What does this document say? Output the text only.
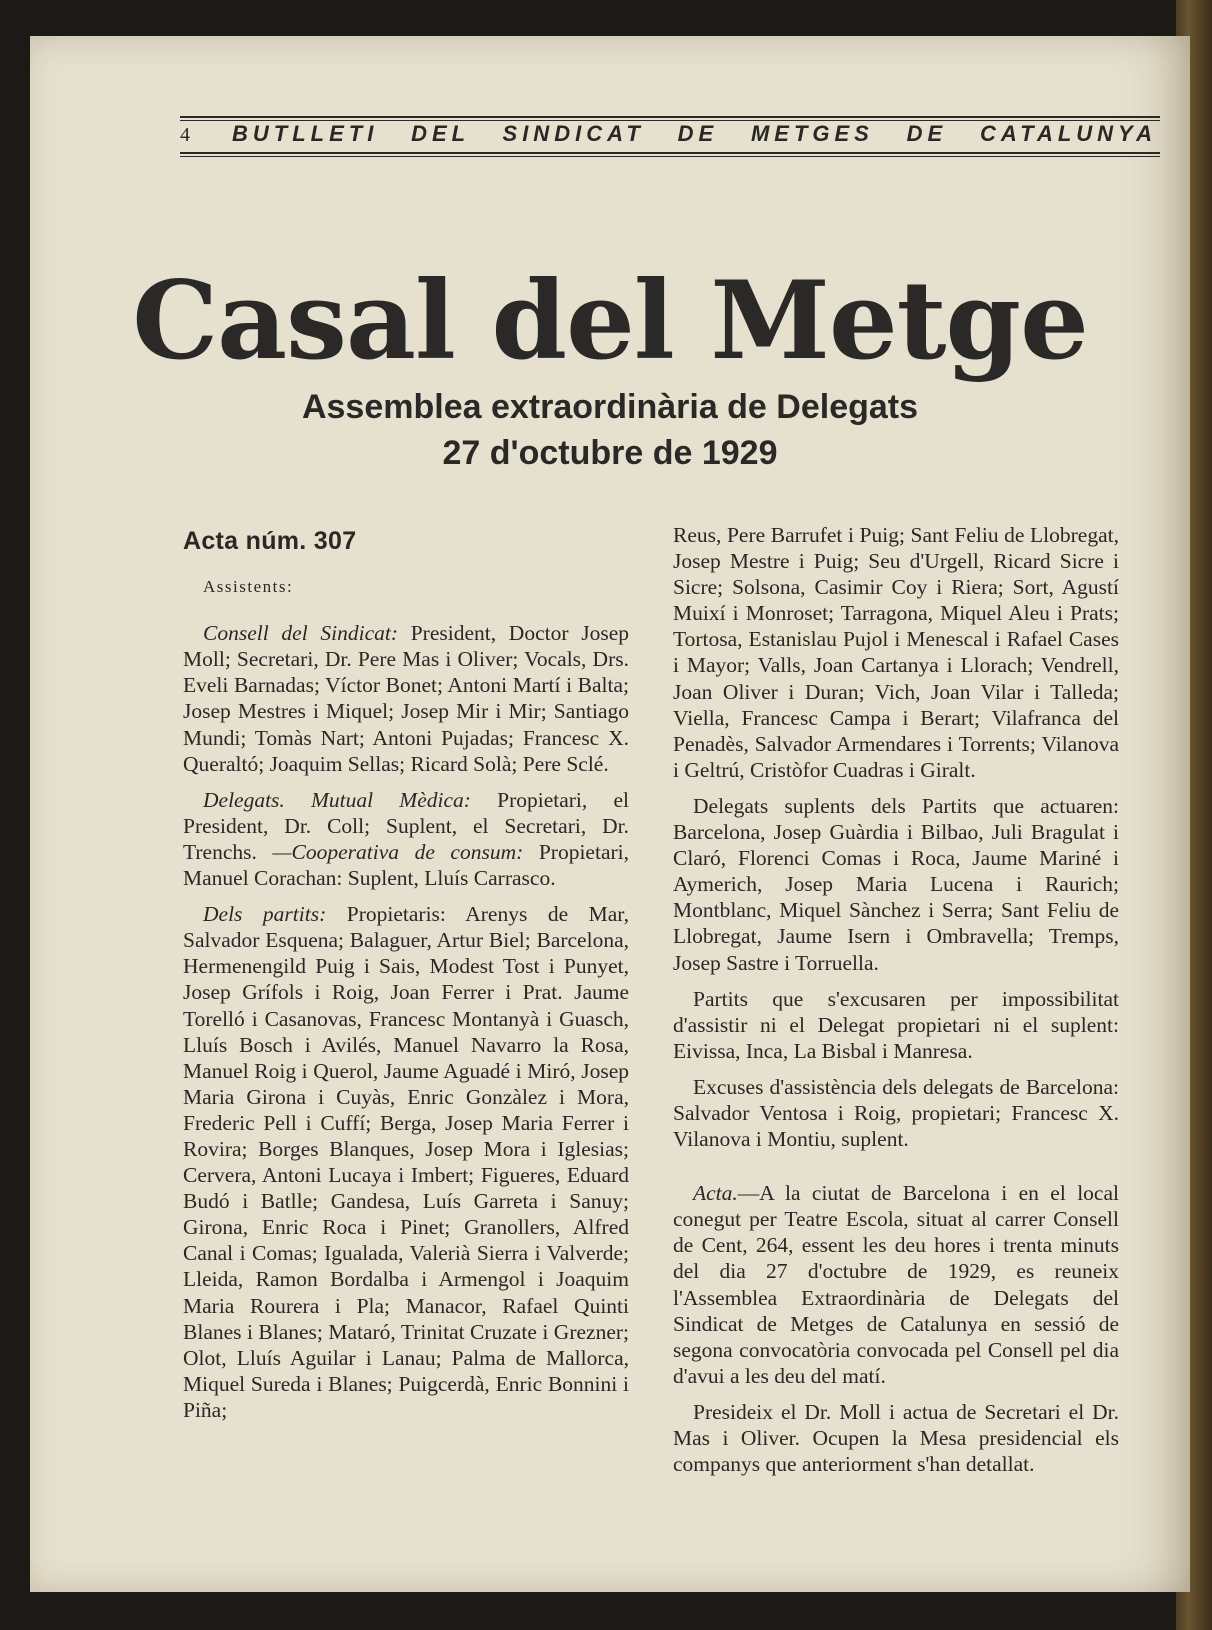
4 BUTLLETI DEL SINDICAT DE METGES DE CATALUNYA
Casal del Metge
Assemblea extraordinària de Delegats
27 d'octubre de 1929
Acta núm. 307
Assistents:

Consell del Sindicat: President, Doctor Josep Moll; Secretari, Dr. Pere Mas i Oliver; Vocals, Drs. Eveli Barnadas; Víctor Bonet; Antoni Martí i Balta; Josep Mestres i Miquel; Josep Mir i Mir; Santiago Mundi; Tomàs Nart; Antoni Pujadas; Francesc X. Queraltó; Joaquim Sellas; Ricard Solà; Pere Sclé.

Delegats. Mutual Mèdica: Propietari, el President, Dr. Coll; Suplent, el Secretari, Dr. Trenchs. —Cooperativa de consum: Propietari, Manuel Corachan: Suplent, Lluís Carrasco.

Dels partits: Propietaris: Arenys de Mar, Salvador Esquena; Balaguer, Artur Biel; Barcelona, Hermenengild Puig i Sais, Modest Tost i Punyet, Josep Grífols i Roig, Joan Ferrer i Prat. Jaume Torelló i Casanovas, Francesc Montanyà i Guasch, Lluís Bosch i Avilés, Manuel Navarro la Rosa, Manuel Roig i Querol, Jaume Aguadé i Miró, Josep Maria Girona i Cuyàs, Enric Gonzàlez i Mora, Frederic Pell i Cuffí; Berga, Josep Maria Ferrer i Rovira; Borges Blanques, Josep Mora i Iglesias; Cervera, Antoni Lucaya i Imbert; Figueres, Eduard Budó i Batlle; Gandesa, Luís Garreta i Sanuy; Girona, Enric Roca i Pinet; Granollers, Alfred Canal i Comas; Igualada, Valerià Sierra i Valverde; Lleida, Ramon Bordalba i Armengol i Joaquim Maria Rourera i Pla; Manacor, Rafael Quinti Blanes i Blanes; Mataró, Trinitat Cruzate i Grezner; Olot, Lluís Aguilar i Lanau; Palma de Mallorca, Miquel Sureda i Blanes; Puigcerdà, Enric Bonnini i Piña;

Reus, Pere Barrufet i Puig; Sant Feliu de Llobregat, Josep Mestre i Puig; Seu d'Urgell, Ricard Sicre i Sicre; Solsona, Casimir Coy i Riera; Sort, Agustí Muixí i Monroset; Tarragona, Miquel Aleu i Prats; Tortosa, Estanislau Pujol i Menescal i Rafael Cases i Mayor; Valls, Joan Cartanya i Llorach; Vendrell, Joan Oliver i Duran; Vich, Joan Vilar i Talleda; Viella, Francesc Campa i Berart; Vilafranca del Penadès, Salvador Armendares i Torrents; Vilanova i Geltrú, Cristòfor Cuadras i Giralt.

Delegats suplents dels Partits que actuaren: Barcelona, Josep Guàrdia i Bilbao, Juli Bragulat i Claró, Florenci Comas i Roca, Jaume Mariné i Aymerich, Josep Maria Lucena i Raurich; Montblanc, Miquel Sànchez i Serra; Sant Feliu de Llobregat, Jaume Isern i Ombravella; Tremps, Josep Sastre i Torruella.

Partits que s'excusaren per impossibilitat d'assistir ni el Delegat propietari ni el suplent: Eivissa, Inca, La Bisbal i Manresa.

Excuses d'assistència dels delegats de Barcelona: Salvador Ventosa i Roig, propietari; Francesc X. Vilanova i Montiu, suplent.

Acta.—A la ciutat de Barcelona i en el local conegut per Teatre Escola, situat al carrer Consell de Cent, 264, essent les deu hores i trenta minuts del dia 27 d'octubre de 1929, es reuneix l'Assemblea Extraordinària de Delegats del Sindicat de Metges de Catalunya en sessió de segona convocatòria convocada pel Consell pel dia d'avui a les deu del matí.

Presideix el Dr. Moll i actua de Secretari el Dr. Mas i Oliver. Ocupen la Mesa presidencial els companys que anteriorment s'han detallat.
